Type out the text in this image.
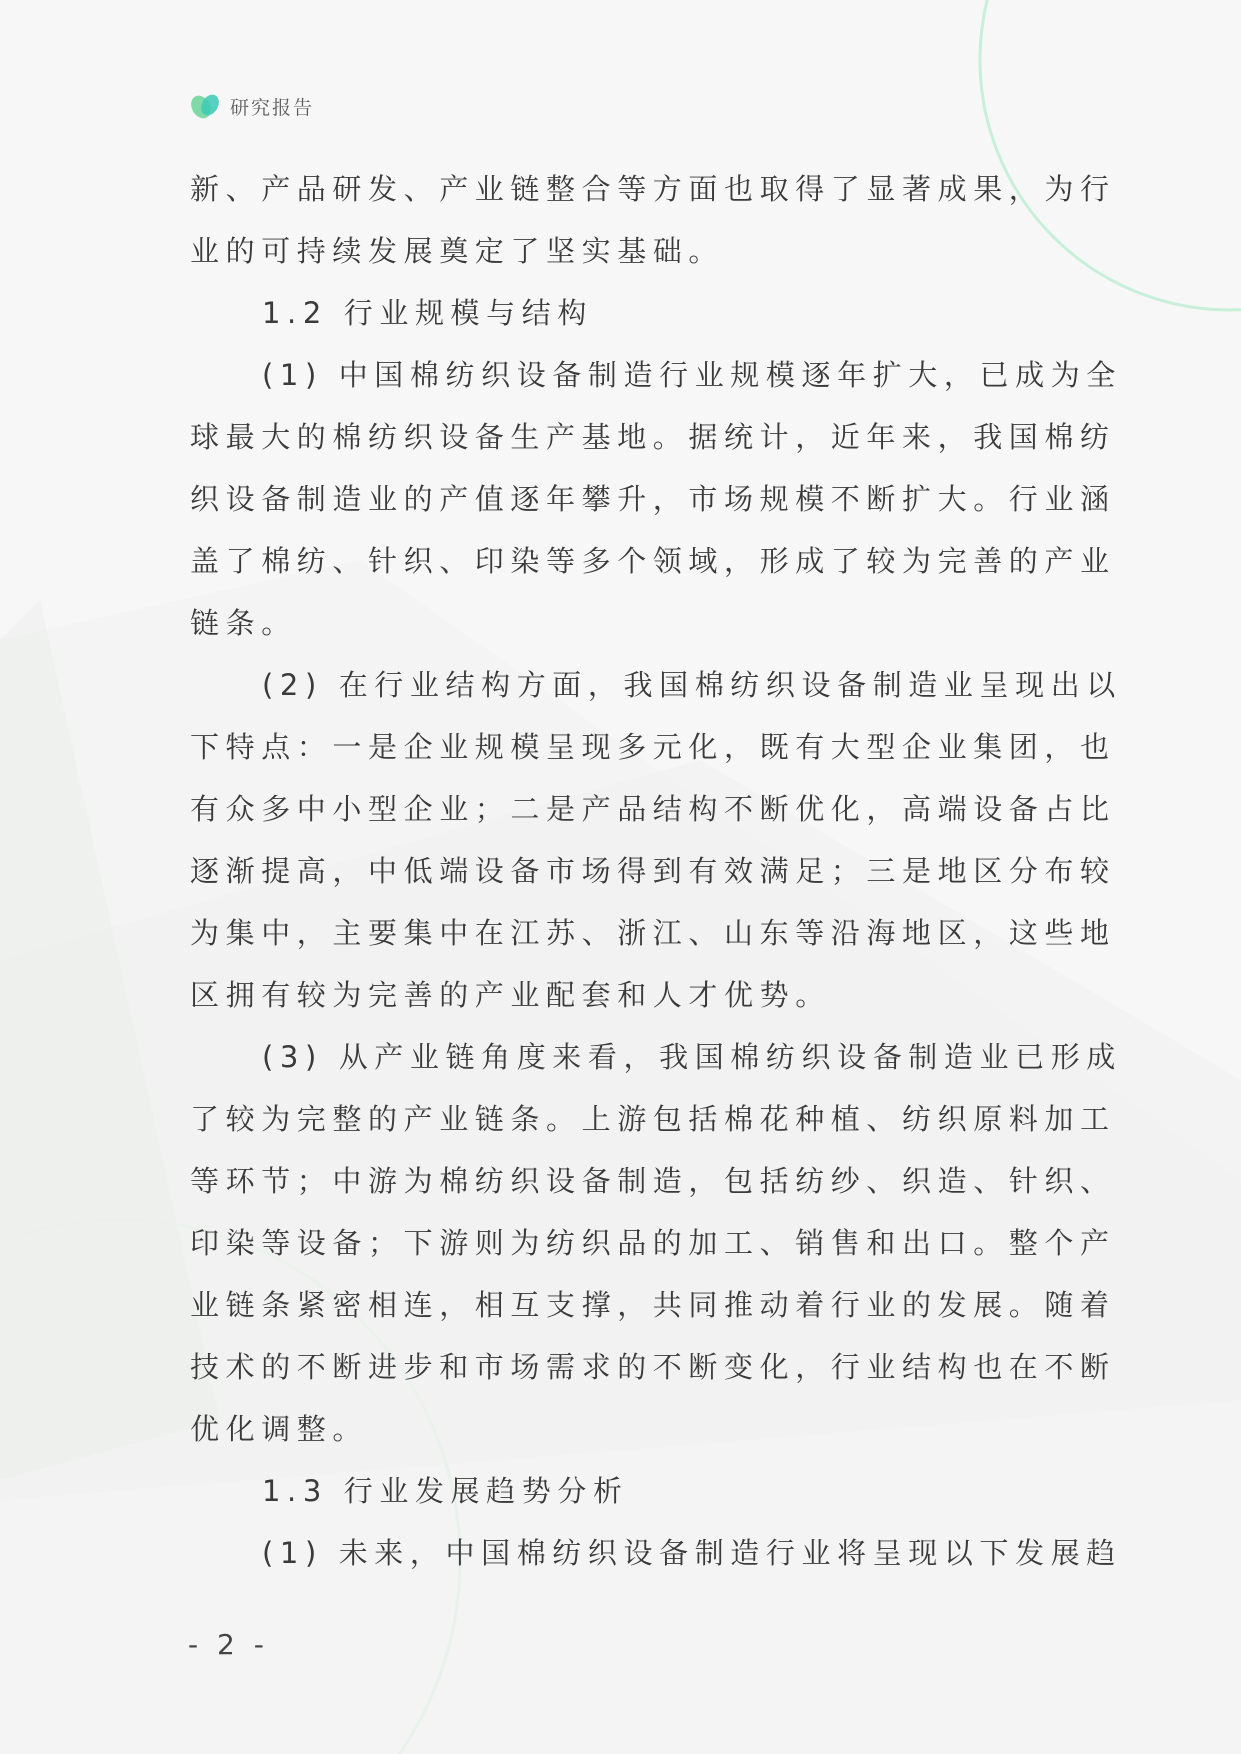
研究报告
新、产品研发、产业链整合等方面也取得了显著成果，为行
业的可持续发展奠定了坚实基础。
1.2 行业规模与结构
(1) 中国棉纺织设备制造行业规模逐年扩大，已成为全
球最大的棉纺织设备生产基地。据统计，近年来，我国棉纺
织设备制造业的产值逐年攀升，市场规模不断扩大。行业涵
盖了棉纺、针织、印染等多个领域，形成了较为完善的产业
链条。
(2) 在行业结构方面，我国棉纺织设备制造业呈现出以
下特点：一是企业规模呈现多元化，既有大型企业集团，也
有众多中小型企业；二是产品结构不断优化，高端设备占比
逐渐提高，中低端设备市场得到有效满足；三是地区分布较
为集中，主要集中在江苏、浙江、山东等沿海地区，这些地
区拥有较为完善的产业配套和人才优势。
(3) 从产业链角度来看，我国棉纺织设备制造业已形成
了较为完整的产业链条。上游包括棉花种植、纺织原料加工
等环节；中游为棉纺织设备制造，包括纺纱、织造、针织、
印染等设备；下游则为纺织品的加工、销售和出口。整个产
业链条紧密相连，相互支撑，共同推动着行业的发展。随着
技术的不断进步和市场需求的不断变化，行业结构也在不断
优化调整。
1.3 行业发展趋势分析
(1) 未来，中国棉纺织设备制造行业将呈现以下发展趋
- 2 -
